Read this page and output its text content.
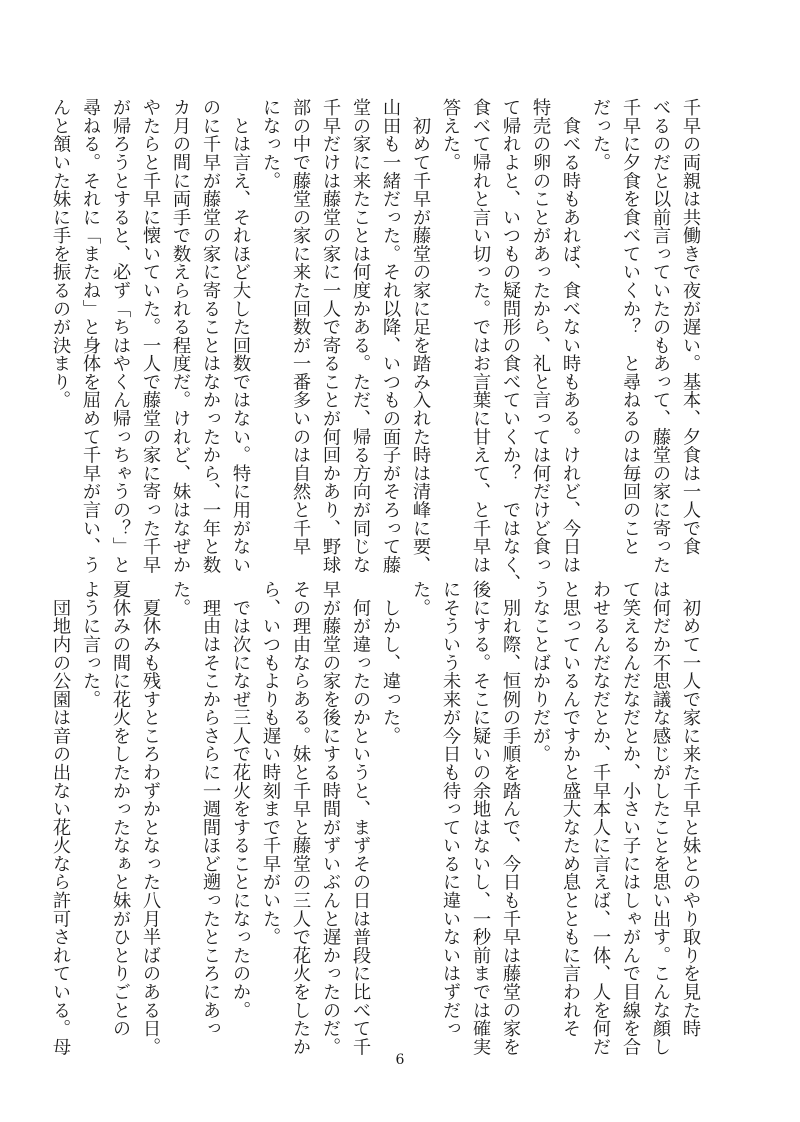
千早の両親は共働きで夜が遅い。基本、夕食は一人で食

べるのだと以前言っていたのもあって、藤堂の家に寄った

千早に夕食を食べていくか？　と尋ねるのは毎回のこと

だった。

　食べる時もあれば、食べない時もある。けれど、今日は

特売の卵のことがあったから、礼と言っては何だけど食っ

て帰れよと、いつもの疑問形の食べていくか？　ではなく、

食べて帰れと言い切った。ではお言葉に甘えて、と千早は

答えた。

　初めて千早が藤堂の家に足を踏み入れた時は清峰に要、

山田も一緒だった。それ以降、いつもの面子がそろって藤

堂の家に来たことは何度かある。ただ、帰る方向が同じな

千早だけは藤堂の家に一人で寄ることが何回かあり、野球

部の中で藤堂の家に来た回数が一番多いのは自然と千早

になった。

　とは言え、それほど大した回数ではない。特に用がない

のに千早が藤堂の家に寄ることはなかったから、一年と数

カ月の間に両手で数えられる程度だ。けれど、妹はなぜか

やたらと千早に懐いていた。一人で藤堂の家に寄った千早

が帰ろうとすると、必ず「ちはやくん帰っちゃうの？」と

尋ねる。それに「またね」と身体を屈めて千早が言い、う

んと頷いた妹に手を振るのが決まり。

　初めて一人で家に来た千早と妹とのやり取りを見た時

は何だか不思議な感じがしたことを思い出す。こんな顔し

て笑えるんだなだとか、小さい子にはしゃがんで目線を合

わせるんだなだとか、千早本人に言えば、一体、人を何だ

と思っているんですかと盛大なため息とともに言われそ

うなことばかりだが。

　別れ際、恒例の手順を踏んで、今日も千早は藤堂の家を

後にする。そこに疑いの余地はないし、一秒前までは確実

にそういう未来が今日も待っているに違いないはずだっ

た。

　しかし、違った。

　何が違ったのかというと、まずその日は普段に比べて千

早が藤堂の家を後にする時間がずいぶんと遅かったのだ。

その理由ならある。妹と千早と藤堂の三人で花火をしたか

ら、いつもよりも遅い時刻まで千早がいた。

　では次になぜ三人で花火をすることになったのか。

　理由はそこからさらに一週間ほど遡ったところにあっ

た。

　夏休みも残すところわずかとなった八月半ばのある日。

夏休みの間に花火をしたかったなぁと妹がひとりごとの

ように言った。

　団地内の公園は音の出ない花火なら許可されている。母

6
